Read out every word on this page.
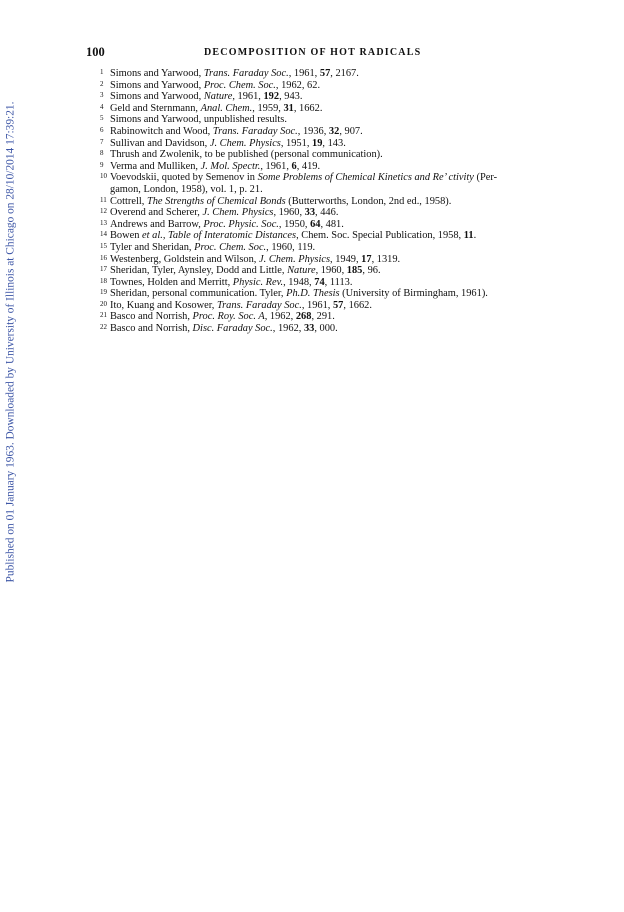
Published on 01 January 1963. Downloaded by University of Illinois at Chicago on 28/10/2014 17:39:21.
100	DECOMPOSITION OF HOT RADICALS
1 Simons and Yarwood, Trans. Faraday Soc., 1961, 57, 2167.
2 Simons and Yarwood, Proc. Chem. Soc., 1962, 62.
3 Simons and Yarwood, Nature, 1961, 192, 943.
4 Geld and Sternmann, Anal. Chem., 1959, 31, 1662.
5 Simons and Yarwood, unpublished results.
6 Rabinowitch and Wood, Trans. Faraday Soc., 1936, 32, 907.
7 Sullivan and Davidson, J. Chem. Physics, 1951, 19, 143.
8 Thrush and Zwolenik, to be published (personal communication).
9 Verma and Mulliken, J. Mol. Spectr., 1961, 6, 419.
10 Voevodskii, quoted by Semenov in Some Problems of Chemical Kinetics and Re’ ctivity (Per-
gamon, London, 1958), vol. 1, p. 21.
11 Cottrell, The Strengths of Chemical Bonds (Butterworths, London, 2nd ed., 1958).
12 Overend and Scherer, J. Chem. Physics, 1960, 33, 446.
13 Andrews and Barrow, Proc. Physic. Soc., 1950, 64, 481.
14 Bowen et al., Table of Interatomic Distances, Chem. Soc. Special Publication, 1958, 11.
15 Tyler and Sheridan, Proc. Chem. Soc., 1960, 119.
16 Westenberg, Goldstein and Wilson, J. Chem. Physics, 1949, 17, 1319.
17 Sheridan, Tyler, Aynsley, Dodd and Little, Nature, 1960, 185, 96.
18 Townes, Holden and Merritt, Physic. Rev., 1948, 74, 1113.
19 Sheridan, personal communication. Tyler, Ph.D. Thesis (University of Birmingham, 1961).
20 Ito, Kuang and Kosower, Trans. Faraday Soc., 1961, 57, 1662.
21 Basco and Norrish, Proc. Roy. Soc. A, 1962, 268, 291.
22 Basco and Norrish, Disc. Faraday Soc., 1962, 33, 000.
